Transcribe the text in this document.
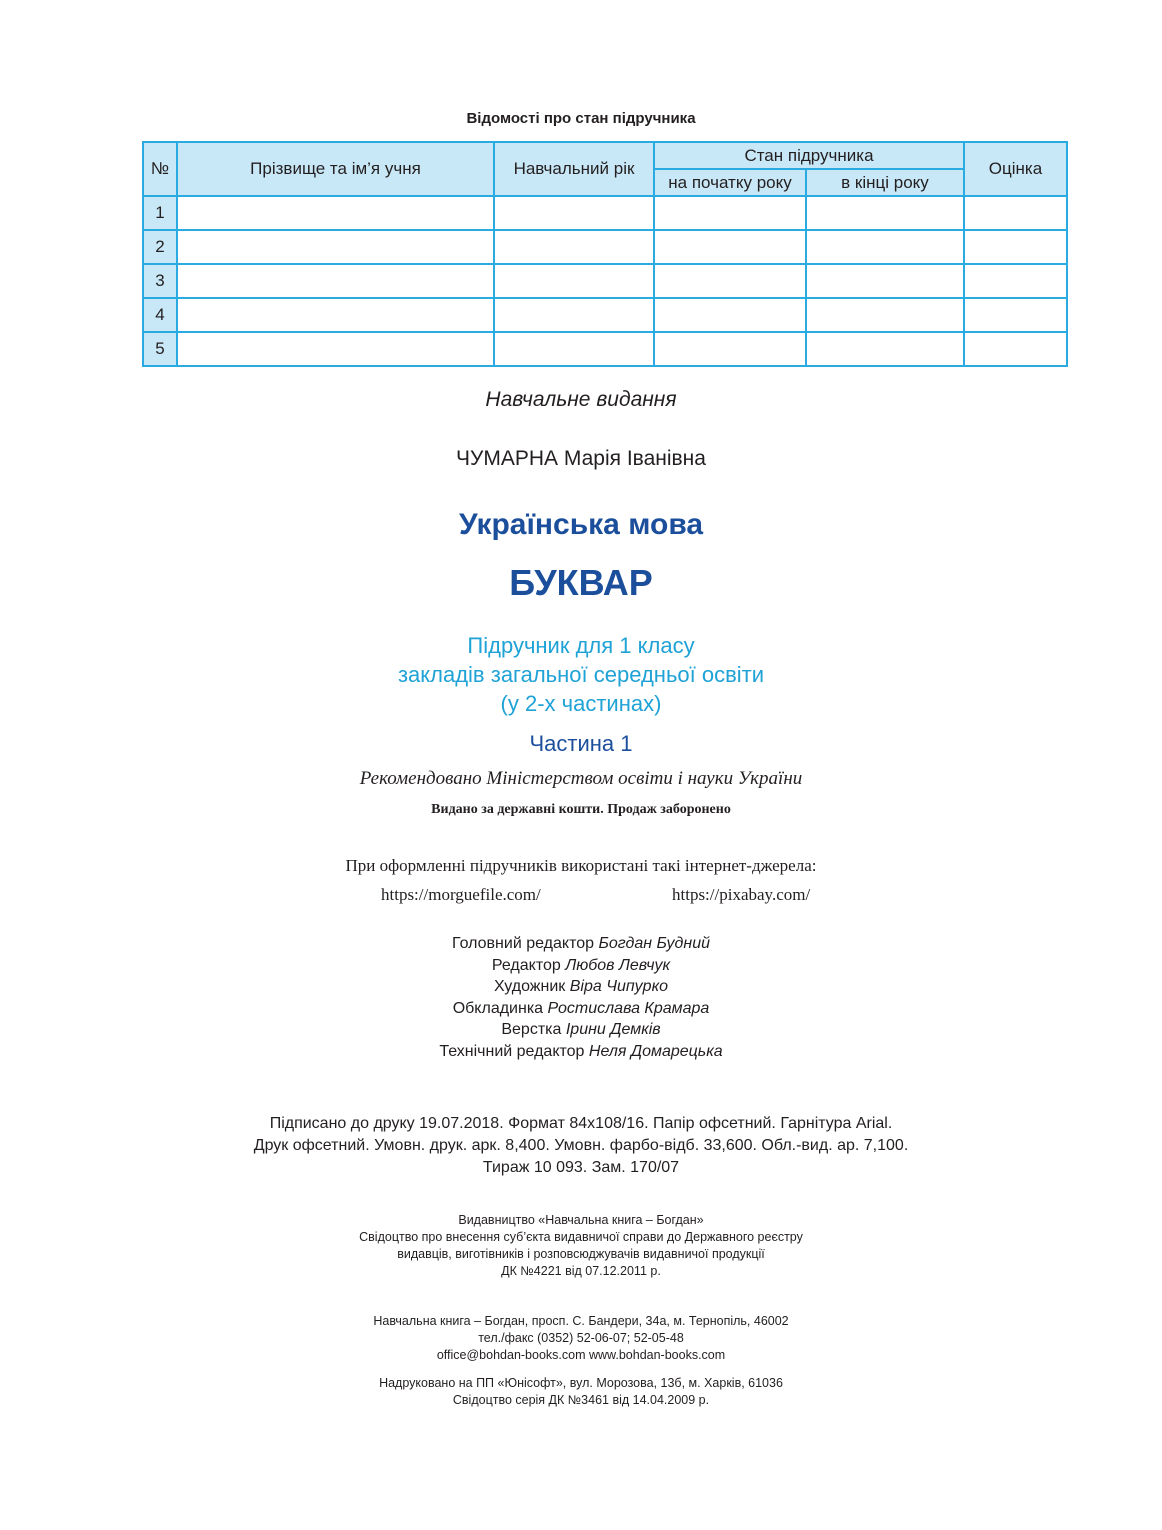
Відомості про стан підручника
№	Прізвище та ім’я учня	Навчальний рік	Стан підручника		Оцінка
			на початку року	в кінці року	
1					
2					
3					
4					
5					
Навчальне видання
ЧУМАРНА Марія Іванівна
Українська мова
БУКВАР
Підручник для 1 класу
закладів загальної середньої освіти
(у 2-х частинах)
Частина 1
Рекомендовано Міністерством освіти і науки України
Видано за державні кошти. Продаж заборонено
При оформленні підручників використані такі інтернет-джерела:
https://morguefile.com/	https://pixabay.com/
Головний редактор Богдан Будний
Редактор Любов Левчук
Художник Віра Чипурко
Обкладинка Ростислава Крамара
Верстка Ірини Демків
Технічний редактор Неля Домарецька
Підписано до друку 19.07.2018. Формат 84х108/16. Папір офсетний. Гарнітура Arial.
Друк офсетний. Умовн. друк. арк. 8,400. Умовн. фарбо-відб. 33,600. Обл.-вид. ар. 7,100.
Тираж 10 093. Зам. 170/07
Видавництво «Навчальна книга – Богдан»
Свідоцтво про внесення суб’єкта видавничої справи до Державного реєстру
видавців, виготівників і розповсюджувачів видавничої продукції
ДК №4221 від 07.12.2011 р.
Навчальна книга – Богдан, просп. С. Бандери, 34а, м. Тернопіль, 46002
тел./факс (0352) 52-06-07; 52-05-48
office@bohdan-books.com www.bohdan-books.com
Надруковано на ПП «Юнісофт», вул. Морозова, 13б, м. Харків, 61036
Свідоцтво серія ДК №3461 від 14.04.2009 р.
